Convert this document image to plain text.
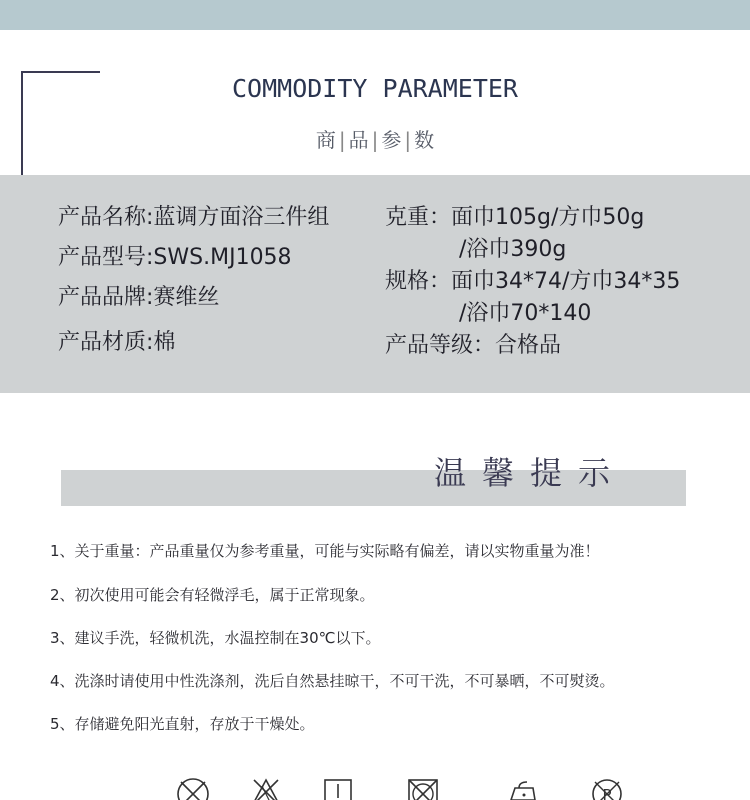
COMMODITY PARAMETER
商 | 品 | 参 | 数
产品名称:蓝调方面浴三件组
产品型号:SWS.MJ1058
产品品牌:赛维丝
产品材质:棉
克重：面巾105g/方巾50g
/浴巾390g
规格：面巾34*74/方巾34*35
/浴巾70*140
产品等级：合格品
温馨提示
1、关于重量：产品重量仅为参考重量，可能与实际略有偏差，请以实物重量为准！
2、初次使用可能会有轻微浮毛，属于正常现象。
3、建议手洗，轻微机洗，水温控制在30℃以下。
4、洗涤时请使用中性洗涤剂，洗后自然悬挂晾干，不可干洗，不可暴晒，不可熨烫。
5、存储避免阳光直射，存放于干燥处。
P
